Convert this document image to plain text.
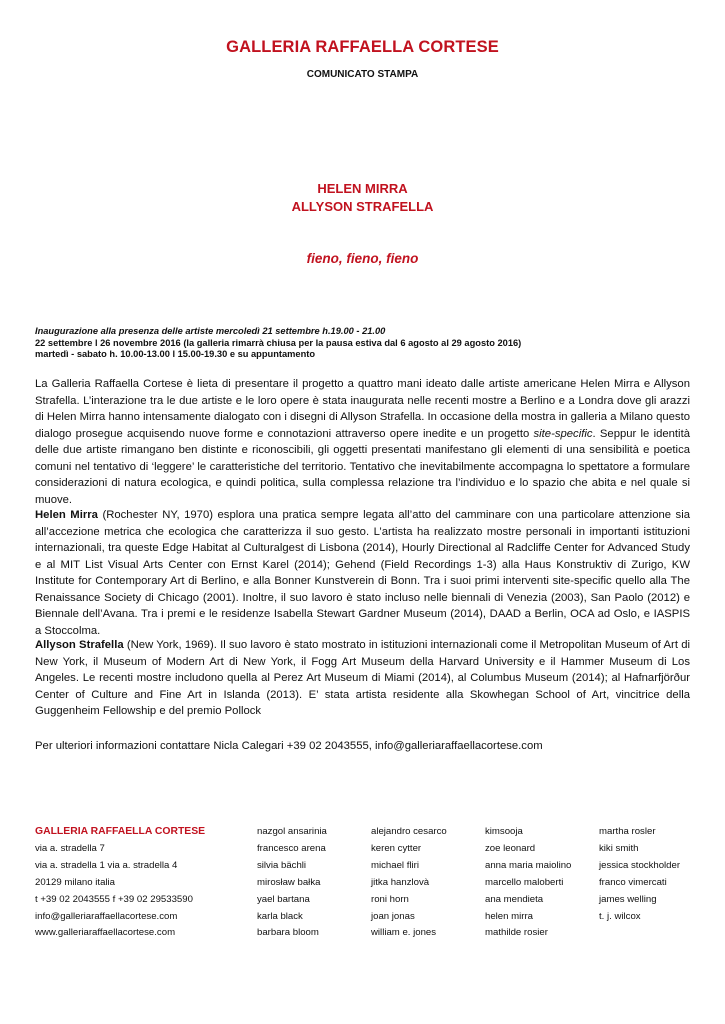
GALLERIA RAFFAELLA CORTESE
COMUNICATO STAMPA
HELEN MIRRA
ALLYSON STRAFELLA
fieno, fieno, fieno
Inaugurazione alla presenza delle artiste mercoledì 21 settembre h.19.00 - 21.00
22 settembre l 26 novembre 2016 (la galleria rimarrà chiusa per la pausa estiva dal 6 agosto al 29 agosto 2016)
martedì - sabato h. 10.00-13.00 l 15.00-19.30 e su appuntamento

La Galleria Raffaella Cortese è lieta di presentare il progetto a quattro mani ideato dalle artiste americane Helen Mirra e Allyson Strafella. L’interazione tra le due artiste e le loro opere è stata inaugurata nelle recenti mostre a Berlino e a Londra dove gli arazzi di Helen Mirra hanno intensamente dialogato con i disegni di Allyson Strafella. In occasione della mostra in galleria a Milano questo dialogo prosegue acquisendo nuove forme e connotazioni attraverso opere inedite e un progetto site-specific. Seppur le identità delle due artiste rimangano ben distinte e riconoscibili, gli oggetti presentati manifestano gli elementi di una sensibilità e poetica comuni nel tentativo di ‘leggere’ le caratteristiche del territorio. Tentativo che inevitabilmente accompagna lo spettatore a formulare considerazioni di natura ecologica, e quindi politica, sulla complessa relazione tra l’individuo e lo spazio che abita e nel quale si muove.

Helen Mirra (Rochester NY, 1970) esplora una pratica sempre legata all’atto del camminare con una particolare attenzione sia all’accezione metrica che ecologica che caratterizza il suo gesto. L’artista ha realizzato mostre personali in importanti istituzioni internazionali, tra queste Edge Habitat al Culturalgest di Lisbona (2014), Hourly Directional al Radcliffe Center for Advanced Study e al MIT List Visual Arts Center con Ernst Karel (2014); Gehend (Field Recordings 1-3) alla Haus Konstruktiv di Zurigo, KW Institute for Contemporary Art di Berlino, e alla Bonner Kunstverein di Bonn. Tra i suoi primi interventi site-specific quello alla The Renaissance Society di Chicago (2001). Inoltre, il suo lavoro è stato incluso nelle biennali di Venezia (2003), San Paolo (2012) e Biennale dell’Avana. Tra i premi e le residenze Isabella Stewart Gardner Museum (2014), DAAD a Berlin, OCA ad Oslo, e IASPIS a Stoccolma.

Allyson Strafella (New York, 1969). Il suo lavoro è stato mostrato in istituzioni internazionali come il Metropolitan Museum of Art di New York, il Museum of Modern Art di New York, il Fogg Art Museum della Harvard University e il Hammer Museum di Los Angeles. Le recenti mostre includono quella al Perez Art Museum di Miami (2014), al Columbus Museum (2014); al Hafnarfjörður Center of Culture and Fine Art in Islanda (2013). E’ stata artista residente alla Skowhegan School of Art, vincitrice della Guggenheim Fellowship e del premio Pollock

Per ulteriori informazioni contattare Nicla Calegari +39 02 2043555, info@galleriaraffaellacortese.com
GALLERIA RAFFAELLA CORTESE
via a. stradella 7
via a. stradella 1 via a. stradella 4
20129 milano italia
t +39 02 2043555 f +39 02 29533590
info@galleriaraffaellacortese.com
www.galleriaraffaellacortese.com
nazgol ansarinia
francesco arena
silvia bächli
mirosław bałka
yael bartana
karla black
barbara bloom
alejandro cesarco
keren cytter
michael fliri
jitka hanzlovà
roni horn
joan jonas
william e. jones
kimsooja
zoe leonard
anna maria maiolino
marcello maloberti
ana mendieta
helen mirra
mathilde rosier
martha rosler
kiki smith
jessica stockholder
franco vimercati
james welling
t. j. wilcox
